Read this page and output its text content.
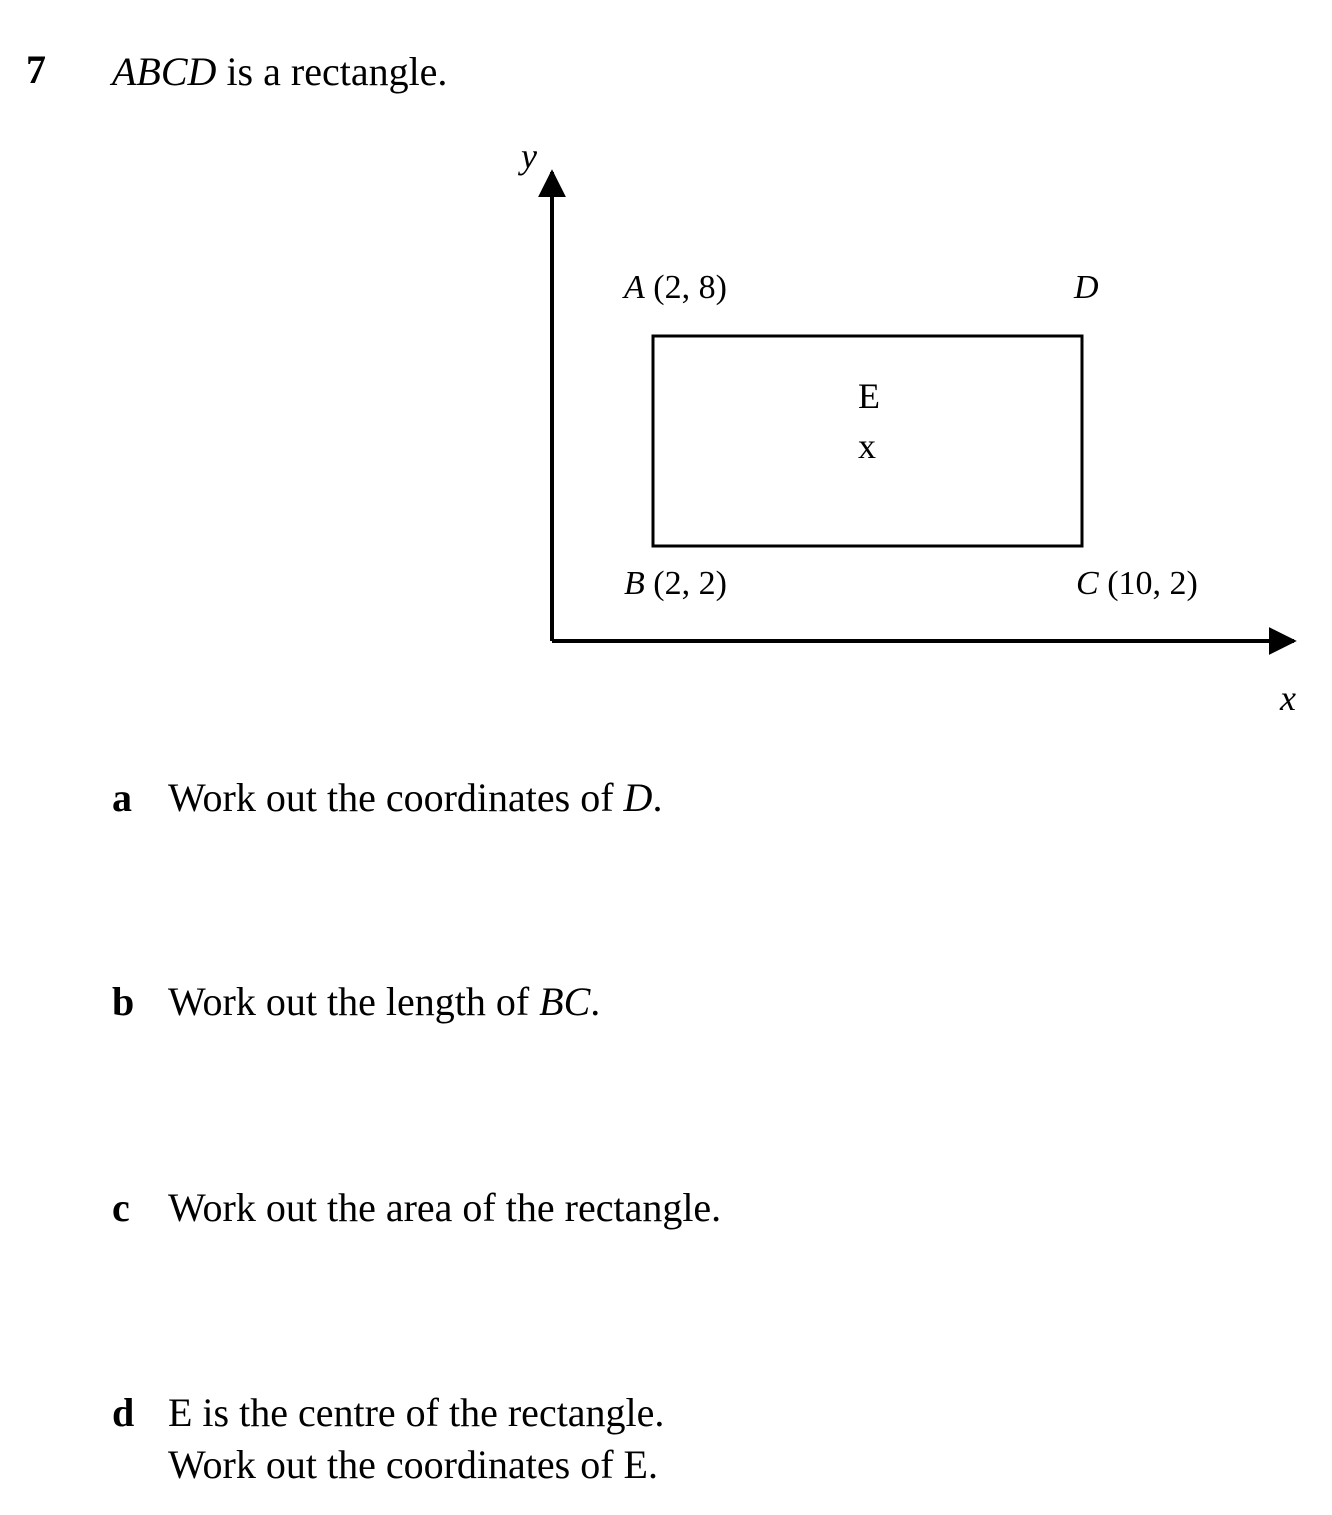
7 ABCD is a rectangle.
y
x
A (2, 8)	D
B (2, 2)	C (10, 2)
E
x
a Work out the coordinates of D.
b Work out the length of BC.
c Work out the area of the rectangle.
d E is the centre of the rectangle.
Work out the coordinates of E.
